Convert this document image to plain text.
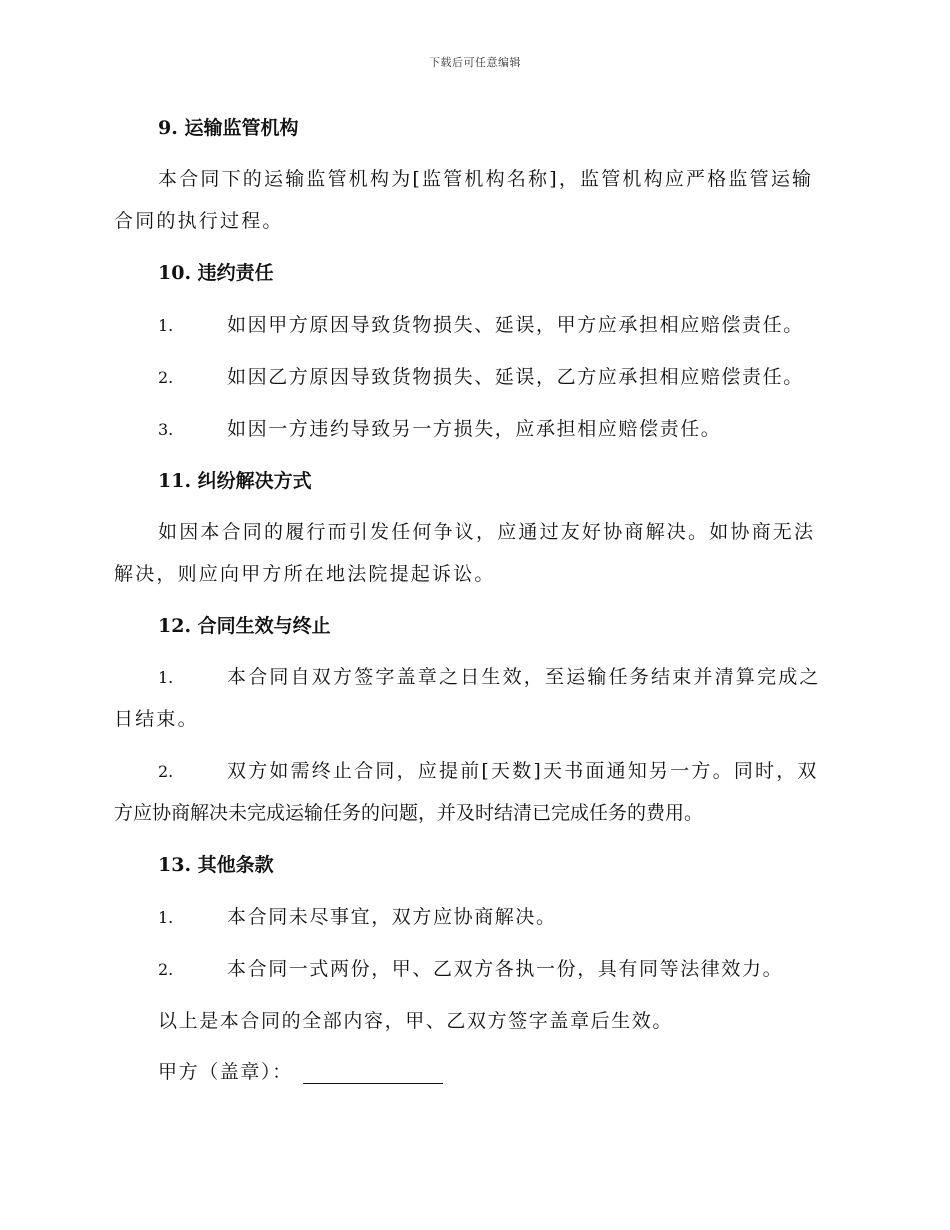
下载后可任意编辑
9. 运输监管机构
本合同下的运输监管机构为[监管机构名称]，监管机构应严格监管运输
合同的执行过程。
10. 违约责任
1.	如因甲方原因导致货物损失、延误，甲方应承担相应赔偿责任。
2.	如因乙方原因导致货物损失、延误，乙方应承担相应赔偿责任。
3.	如因一方违约导致另一方损失，应承担相应赔偿责任。
11. 纠纷解决方式
如因本合同的履行而引发任何争议，应通过友好协商解决。如协商无法
解决，则应向甲方所在地法院提起诉讼。
12. 合同生效与终止
1.	本合同自双方签字盖章之日生效，至运输任务结束并清算完成之
日结束。
2.	双方如需终止合同，应提前[天数]天书面通知另一方。同时，双
方应协商解决未完成运输任务的问题，并及时结清已完成任务的费用。
13. 其他条款
1.	本合同未尽事宜，双方应协商解决。
2.	本合同一式两份，甲、乙双方各执一份，具有同等法律效力。
以上是本合同的全部内容，甲、乙双方签字盖章后生效。
甲方（盖章）：
